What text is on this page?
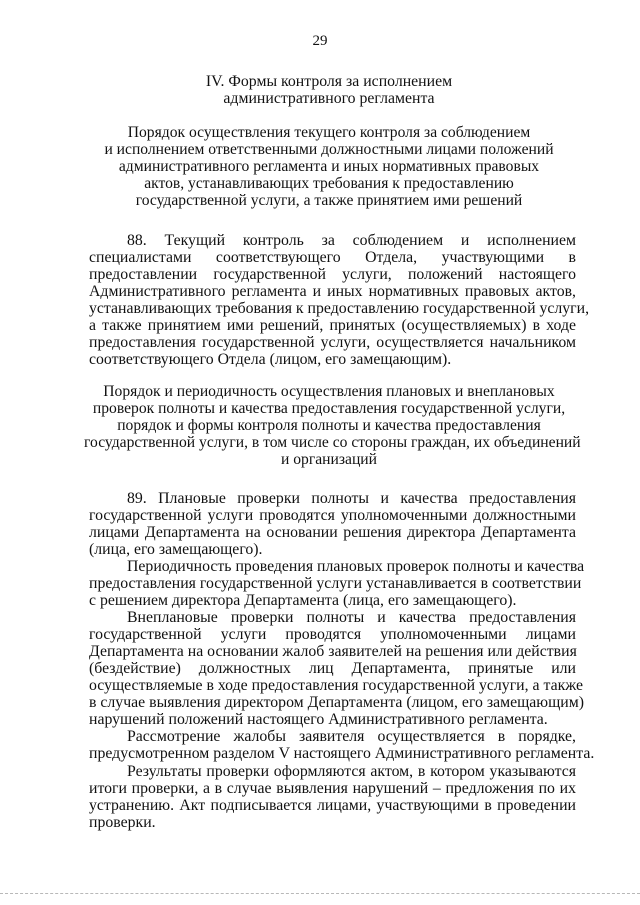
29
IV. Формы контроля за исполнением
административного регламента
Порядок осуществления текущего контроля за соблюдением
и исполнением ответственными должностными лицами положений
административного регламента и иных нормативных правовых
актов, устанавливающих требования к предоставлению
государственной услуги, а также принятием ими решений
88.   Текущий   контроль   за   соблюдением   и   исполнением
специалистами соответствующего Отдела, участвующими в
предоставлении государственной услуги, положений настоящего
Административного регламента и иных нормативных правовых актов,
устанавливающих требования к предоставлению государственной услуги,
а также принятием ими решений, принятых (осуществляемых) в ходе
предоставления государственной услуги, осуществляется начальником
соответствующего Отдела (лицом, его замещающим).
Порядок и периодичность осуществления плановых и внеплановых
проверок полноты и качества предоставления государственной услуги,
порядок и формы контроля полноты и качества предоставления
государственной услуги, в том числе со стороны граждан, их объединений
и организаций
89. Плановые проверки полноты и качества предоставления
государственной услуги проводятся уполномоченными должностными
лицами Департамента на основании решения директора Департамента
(лица, его замещающего).
Периодичность проведения плановых проверок полноты и качества
предоставления государственной услуги устанавливается в соответствии
с решением директора Департамента (лица, его замещающего).
Внеплановые проверки полноты и качества предоставления
государственной услуги проводятся уполномоченными лицами
Департамента на основании жалоб заявителей на решения или действия
(бездействие) должностных лиц Департамента, принятые или
осуществляемые в ходе предоставления государственной услуги, а также
в случае выявления директором Департамента (лицом, его замещающим)
нарушений положений настоящего Административного регламента.
Рассмотрение жалобы заявителя осуществляется в порядке,
предусмотренном разделом V настоящего Административного регламента.
Результаты проверки оформляются актом, в котором указываются
итоги проверки, а в случае выявления нарушений – предложения по их
устранению. Акт подписывается лицами, участвующими в проведении
проверки.
